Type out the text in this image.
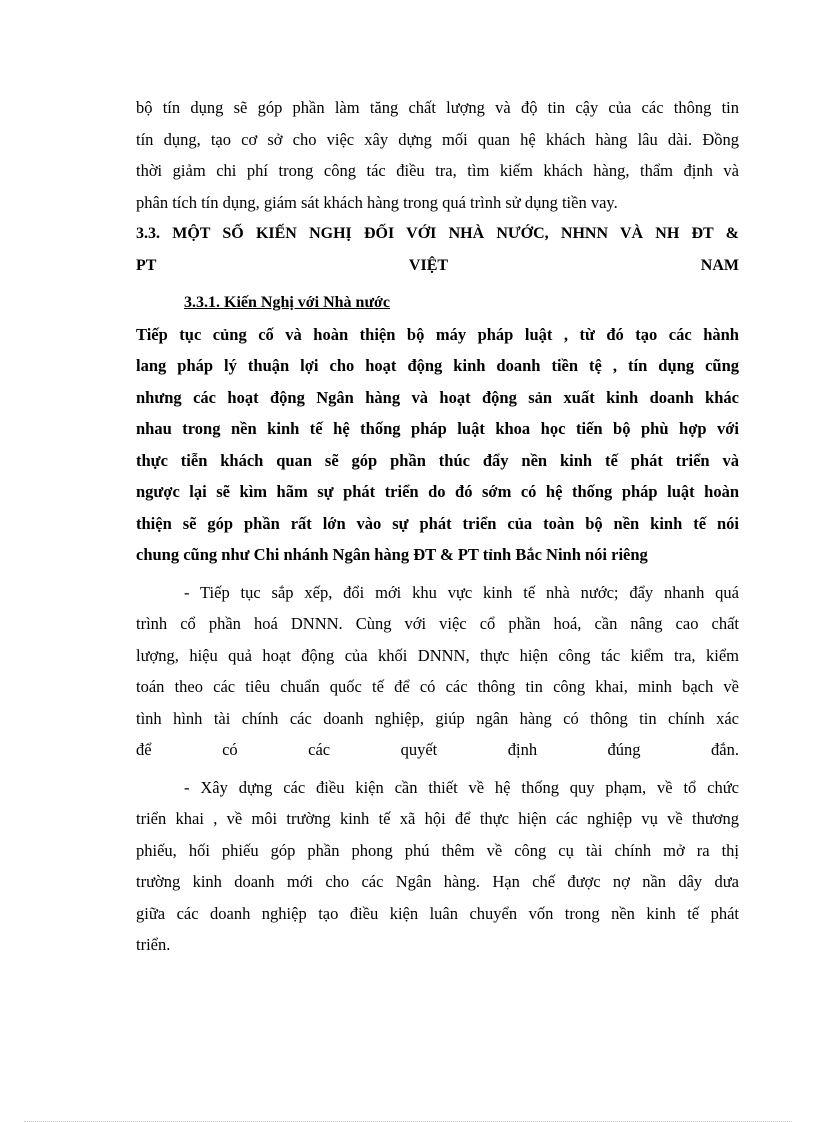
bộ tín dụng sẽ góp phần làm tăng chất lượng và độ tin cậy của các thông tin
tín dụng, tạo cơ sở cho việc xây dựng mối quan hệ khách hàng lâu dài. Đồng
thời giảm chi phí trong công tác điều tra, tìm kiếm khách hàng, thẩm định và
phân tích tín dụng, giám sát khách hàng trong quá trình sử dụng tiền vay.
3.3. MỘT SỐ KIẾN NGHỊ ĐỐI VỚI NHÀ NƯỚC, NHNN VÀ NH ĐT &
PT VIỆT NAM
3.3.1. Kiến Nghị với Nhà nước
Tiếp tục củng cố và hoàn thiện bộ máy pháp luật , từ đó tạo các hành
lang pháp lý thuận lợi cho hoạt động kinh doanh tiền tệ , tín dụng cũng
nhưng các hoạt động Ngân hàng và hoạt động sản xuất kinh doanh khác
nhau trong nền kinh tế hệ thống pháp luật khoa học tiến bộ phù hợp với
thực tiễn khách quan sẽ góp phần thúc đẩy nền kinh tế phát triển và
ngược lại sẽ kìm hãm sự phát triển do đó sớm có hệ thống pháp luật hoàn
thiện sẽ góp phần rất lớn vào sự phát triển của toàn bộ nền kinh tế nói
chung cũng như Chi nhánh Ngân hàng ĐT & PT tỉnh Bắc Ninh nói riêng
- Tiếp tục sắp xếp, đổi mới khu vực kinh tế nhà nước; đẩy nhanh quá
trình cổ phần hoá DNNN. Cùng với việc cổ phần hoá, cần nâng cao chất
lượng, hiệu quả hoạt động của khối DNNN, thực hiện công tác kiểm tra, kiểm
toán theo các tiêu chuẩn quốc tế để có các thông tin công khai, minh bạch về
tình hình tài chính các doanh nghiệp, giúp ngân hàng có thông tin chính xác
để có các quyết định đúng đắn.
- Xây dựng các điều kiện cần thiết về hệ thống quy phạm, về tổ chức
triển khai , về môi trường kinh tế xã hội để thực hiện các nghiệp vụ về thương
phiếu, hối phiếu góp phần phong phú thêm về công cụ tài chính mở ra thị
trường kinh doanh mới cho các Ngân hàng. Hạn chế được nợ nần dây dưa
giữa các doanh nghiệp tạo điều kiện luân chuyển vốn trong nền kinh tế phát
triển.
